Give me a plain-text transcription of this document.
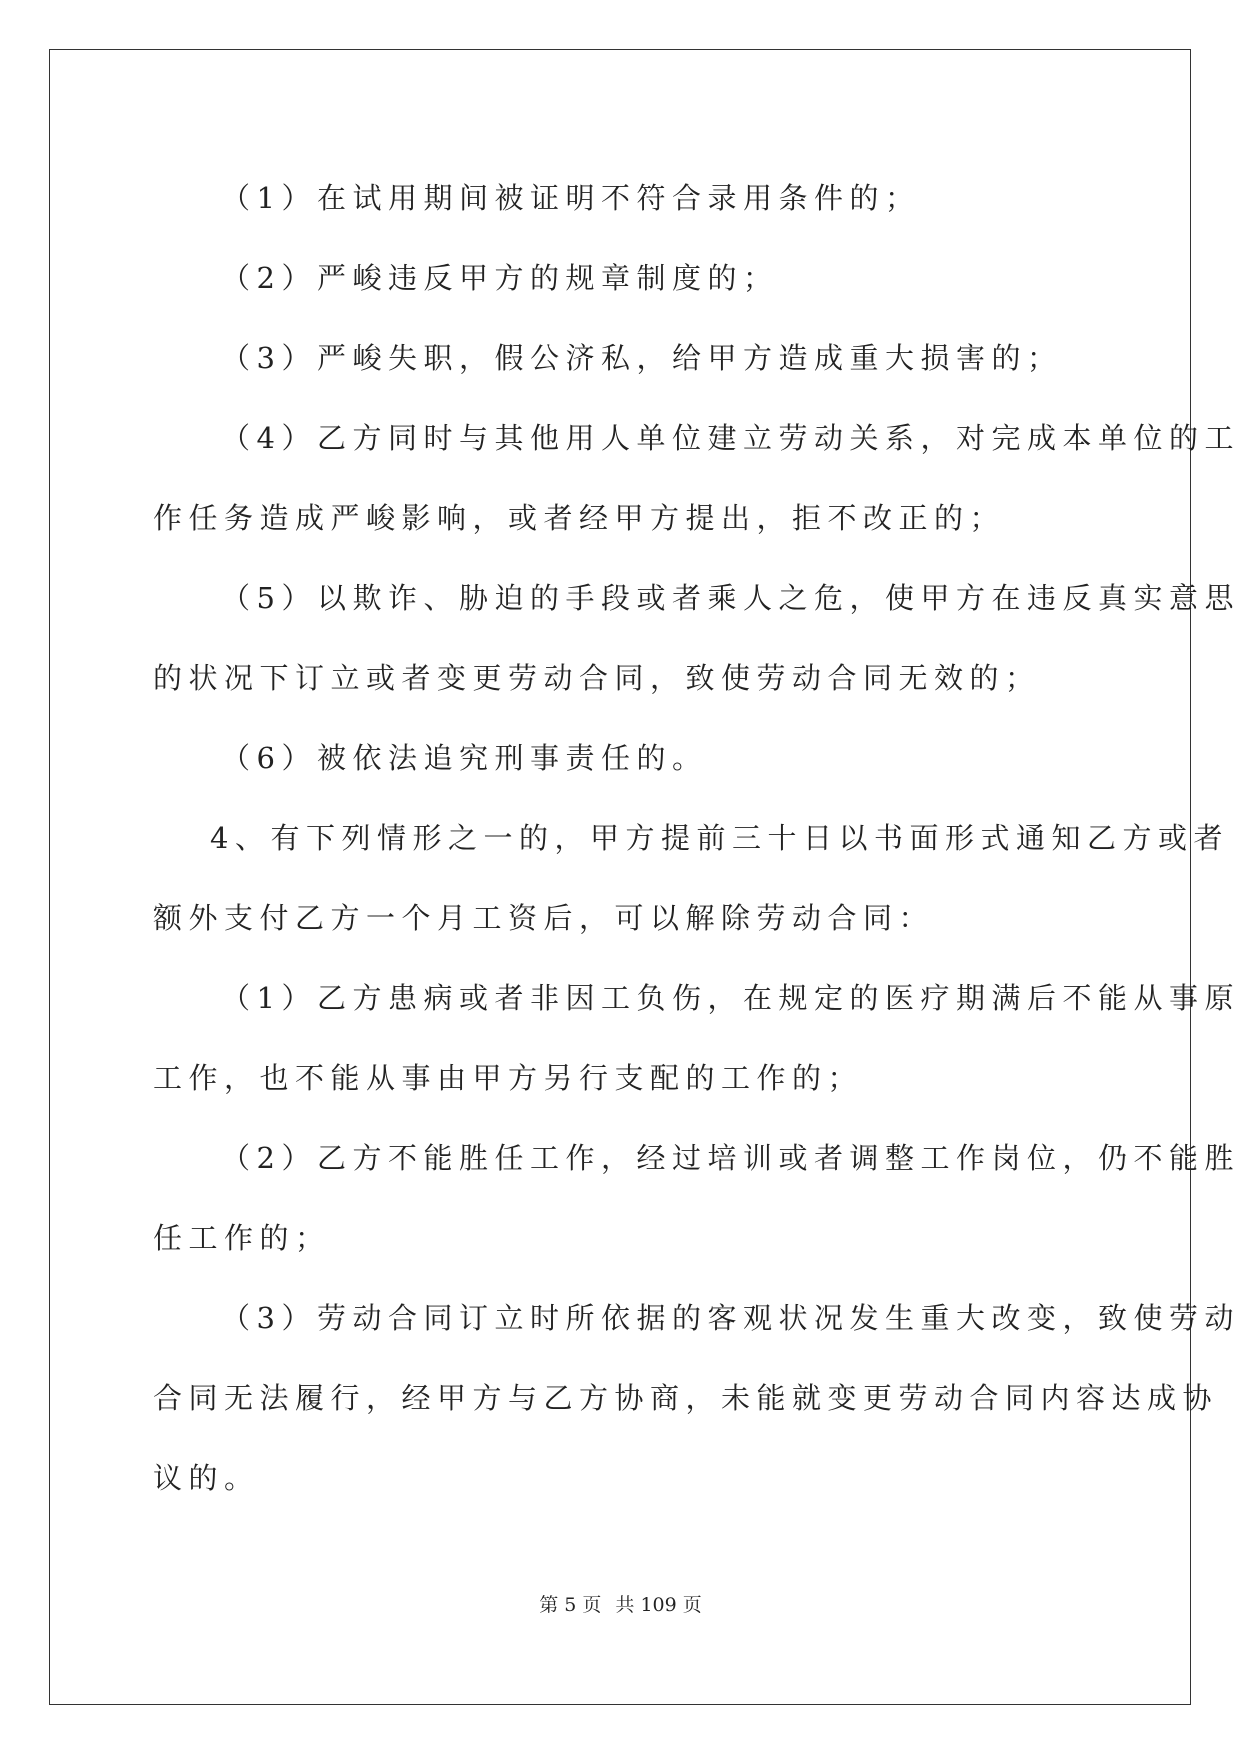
（1）在试用期间被证明不符合录用条件的；

（2）严峻违反甲方的规章制度的；

（3）严峻失职，假公济私，给甲方造成重大损害的；

（4）乙方同时与其他用人单位建立劳动关系，对完成本单位的工

作任务造成严峻影响，或者经甲方提出，拒不改正的；

（5）以欺诈、胁迫的手段或者乘人之危，使甲方在违反真实意思

的状况下订立或者变更劳动合同，致使劳动合同无效的；

（6）被依法追究刑事责任的。

4、有下列情形之一的，甲方提前三十日以书面形式通知乙方或者

额外支付乙方一个月工资后，可以解除劳动合同：

（1）乙方患病或者非因工负伤，在规定的医疗期满后不能从事原

工作，也不能从事由甲方另行支配的工作的；

（2）乙方不能胜任工作，经过培训或者调整工作岗位，仍不能胜

任工作的；

（3）劳动合同订立时所依据的客观状况发生重大改变，致使劳动

合同无法履行，经甲方与乙方协商，未能就变更劳动合同内容达成协

议的。

第 5 页 共 109 页
